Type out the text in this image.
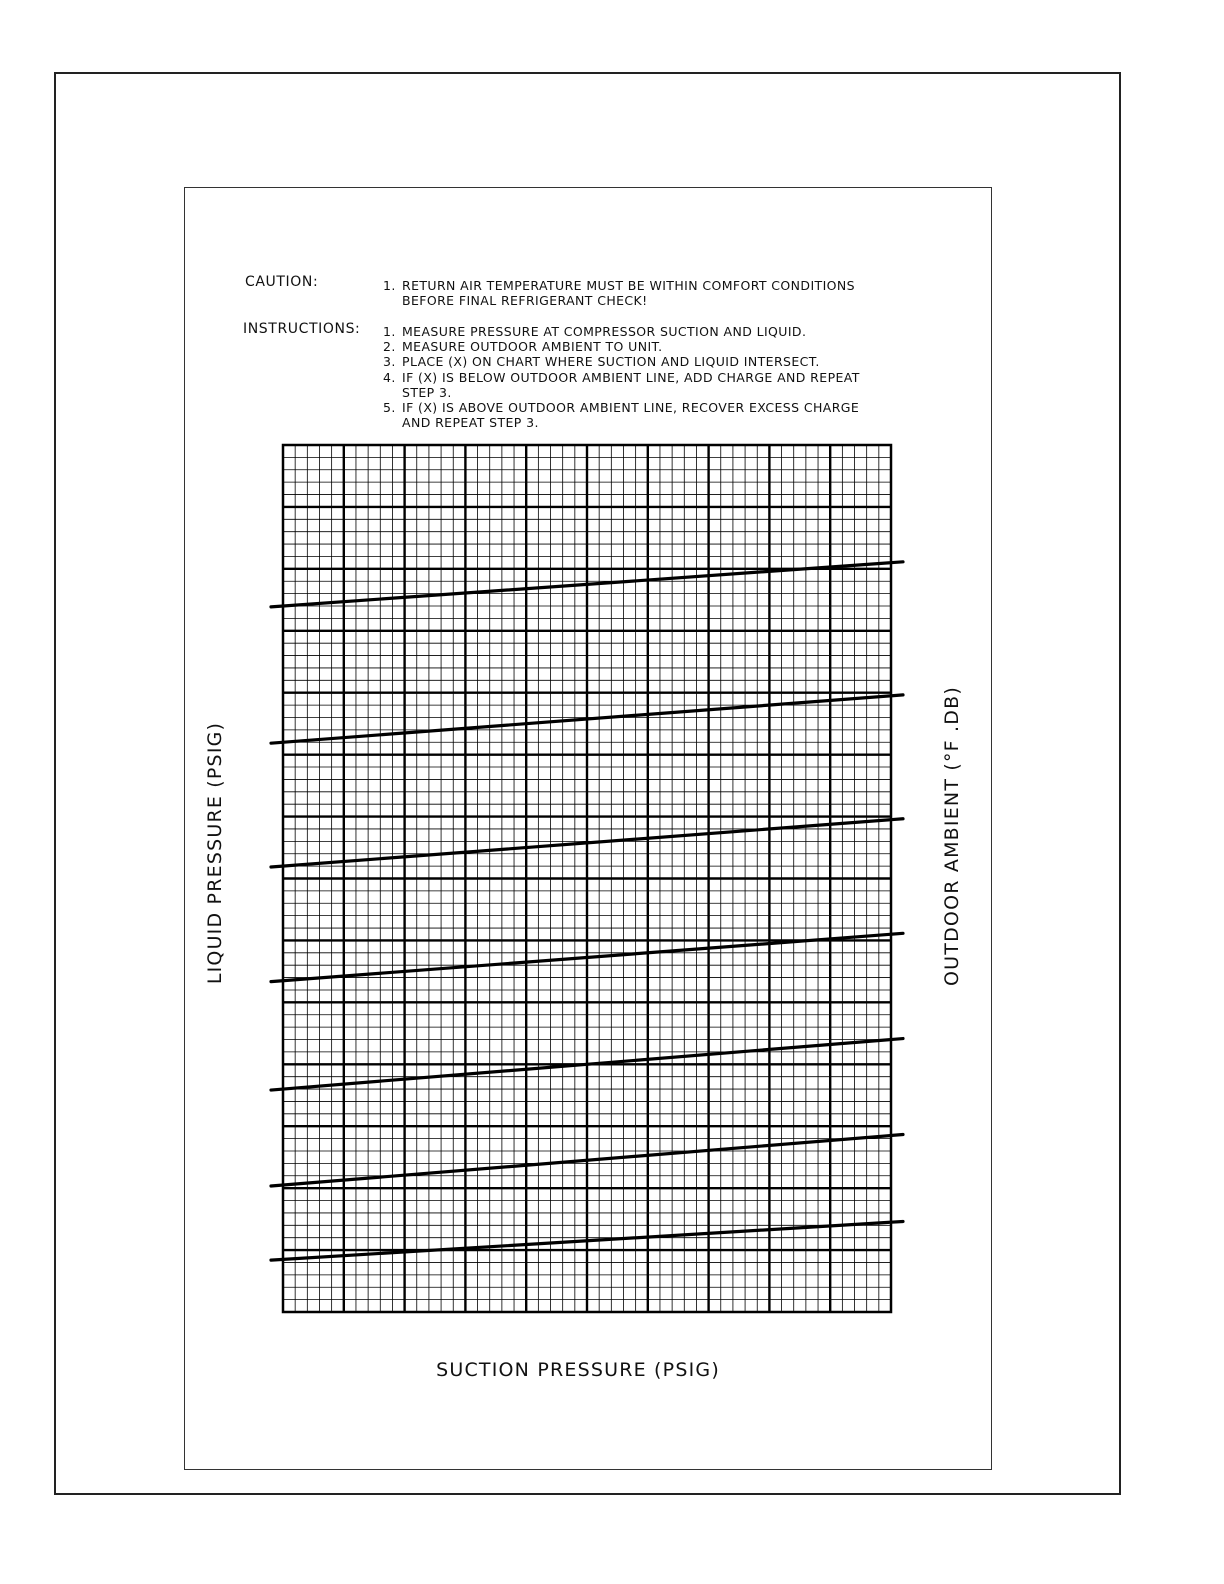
CAUTION:	1. RETURN AIR TEMPERATURE MUST BE WITHIN COMFORT CONDITIONS
BEFORE FINAL REFRIGERANT CHECK!
INSTRUCTIONS: 1. MEASURE PRESSURE AT COMPRESSOR SUCTION AND LIQUID.
2. MEASURE OUTDOOR AMBIENT TO UNIT.
3. PLACE (X) ON CHART WHERE SUCTION AND LIQUID INTERSECT.
4. IF (X) IS BELOW OUTDOOR AMBIENT LINE, ADD CHARGE AND REPEAT
STEP 3.
5. IF (X) IS ABOVE OUTDOOR AMBIENT LINE, RECOVER EXCESS CHARGE
AND REPEAT STEP 3.
LIQUID PRESSURE (PSIG)	OUTDOOR AMBIENT (°F .DB)
SUCTION PRESSURE (PSIG)
